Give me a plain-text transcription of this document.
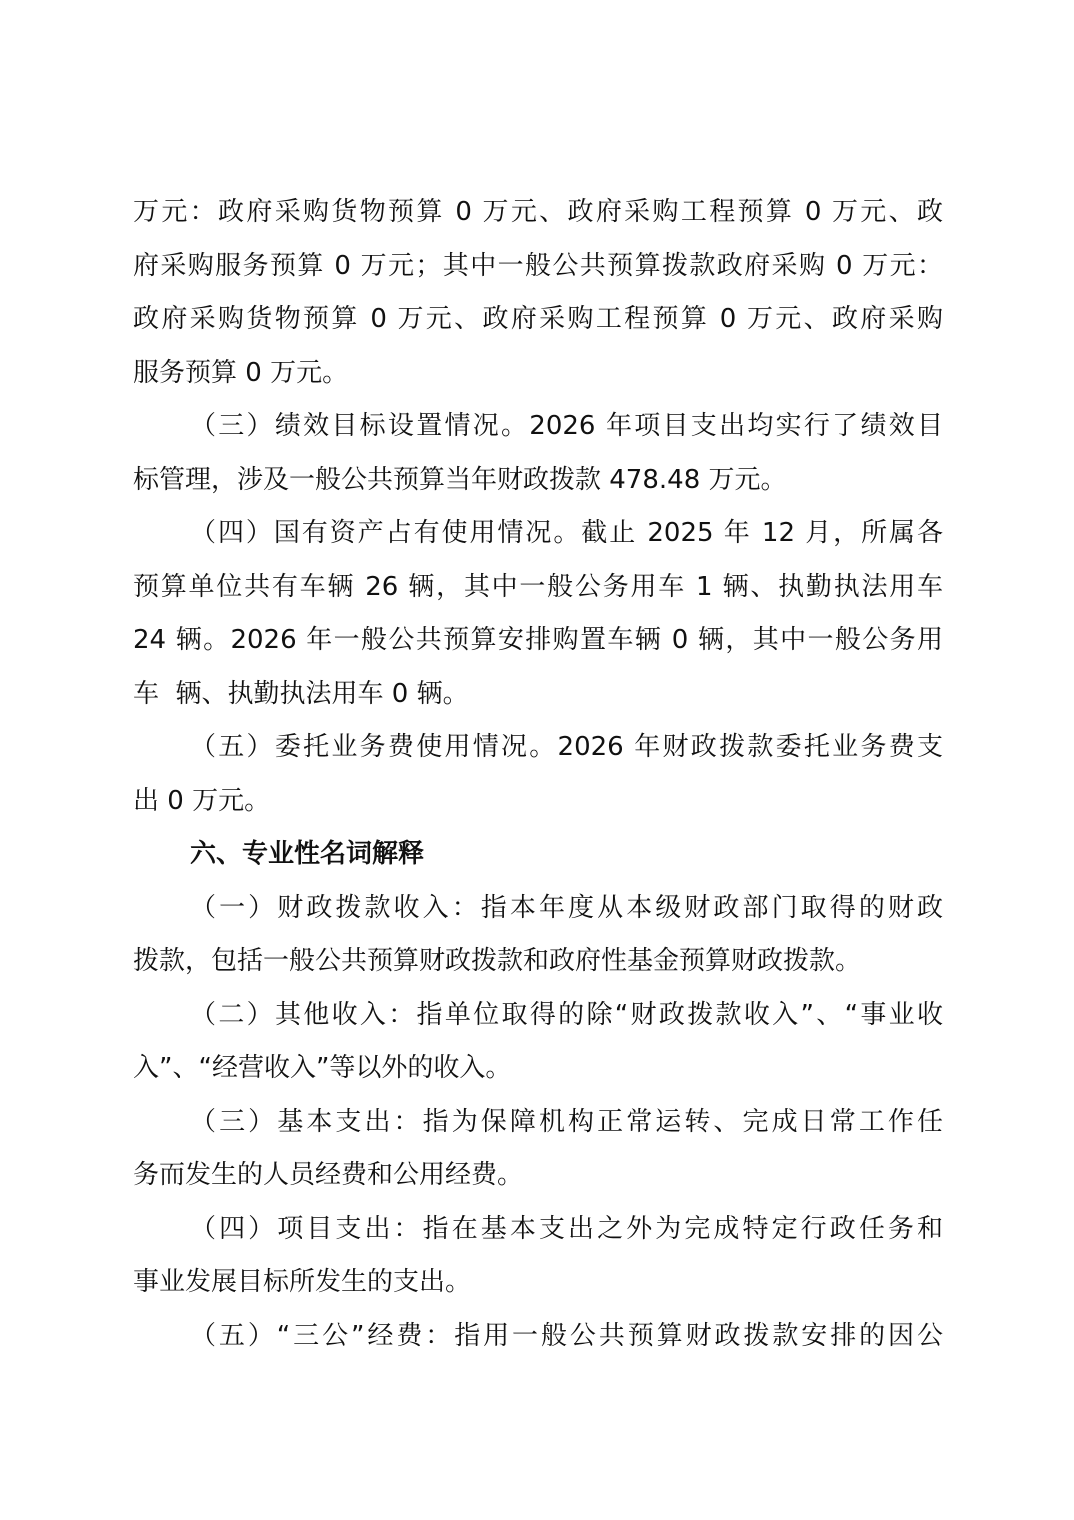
万元：政府采购货物预算 0 万元、政府采购工程预算 0 万元、政
府采购服务预算 0 万元；其中一般公共预算拨款政府采购 0 万元：
政府采购货物预算 0 万元、政府采购工程预算 0 万元、政府采购
服务预算 0 万元。
（三）绩效目标设置情况。2026 年项目支出均实行了绩效目
标管理，涉及一般公共预算当年财政拨款 478.48 万元。
（四）国有资产占有使用情况。截止 2025 年 12 月，所属各
预算单位共有车辆 26 辆，其中一般公务用车 1 辆、执勤执法用车
24 辆。2026 年一般公共预算安排购置车辆 0 辆，其中一般公务用
车  辆、执勤执法用车 0 辆。
（五）委托业务费使用情况。2026 年财政拨款委托业务费支
出 0 万元。
六、专业性名词解释
（一）财政拨款收入：指本年度从本级财政部门取得的财政
拨款，包括一般公共预算财政拨款和政府性基金预算财政拨款。
（二）其他收入：指单位取得的除“财政拨款收入”、“事业收
入”、“经营收入”等以外的收入。
（三）基本支出：指为保障机构正常运转、完成日常工作任
务而发生的人员经费和公用经费。
（四）项目支出：指在基本支出之外为完成特定行政任务和
事业发展目标所发生的支出。
（五）“三公”经费：指用一般公共预算财政拨款安排的因公
